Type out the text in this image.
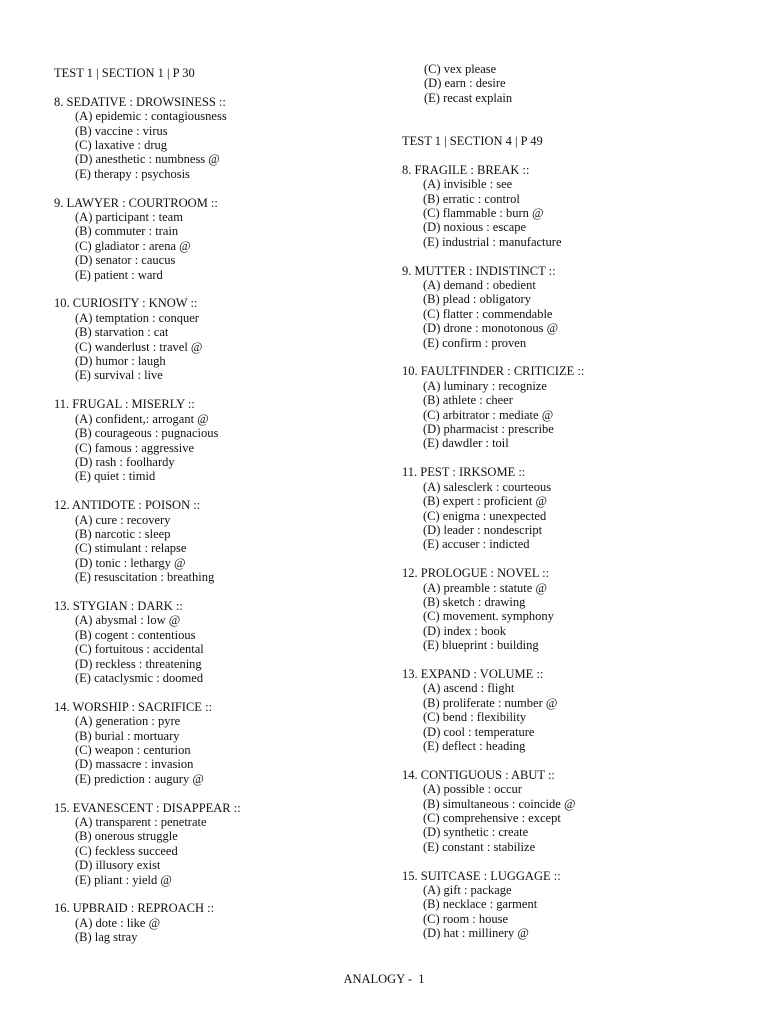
TEST 1 | SECTION 1 | P 30
8. SEDATIVE : DROWSINESS ::
(A) epidemic : contagiousness
(B) vaccine : virus
(C) laxative : drug
(D) anesthetic : numbness @
(E) therapy : psychosis
9. LAWYER : COURTROOM ::
(A) participant : team
(B) commuter : train
(C) gladiator : arena @
(D) senator : caucus
(E) patient : ward
10. CURIOSITY : KNOW ::
(A) temptation : conquer
(B) starvation : cat
(C) wanderlust : travel @
(D) humor : laugh
(E) survival : live
11. FRUGAL : MISERLY ::
(A) confident,: arrogant @
(B) courageous : pugnacious
(C) famous : aggressive
(D) rash : foolhardy
(E) quiet : timid
12. ANTIDOTE : POISON ::
(A) cure : recovery
(B) narcotic : sleep
(C) stimulant : relapse
(D) tonic : lethargy @
(E) resuscitation : breathing
13. STYGIAN : DARK ::
(A) abysmal : low @
(B) cogent : contentious
(C) fortuitous : accidental
(D) reckless : threatening
(E) cataclysmic : doomed
14. WORSHIP : SACRIFICE ::
(A) generation : pyre
(B) burial : mortuary
(C) weapon : centurion
(D) massacre : invasion
(E) prediction : augury @
15. EVANESCENT : DISAPPEAR ::
(A) transparent : penetrate
(B) onerous struggle
(C) feckless succeed
(D) illusory exist
(E) pliant : yield @
16. UPBRAID : REPROACH ::
(A) dote : like @
(B) lag stray
(C) vex please
(D) earn : desire
(E) recast explain
TEST 1 | SECTION 4 | P 49
8. FRAGILE : BREAK ::
(A) invisible : see
(B) erratic : control
(C) flammable : burn @
(D) noxious : escape
(E) industrial : manufacture
9. MUTTER : INDISTINCT ::
(A) demand : obedient
(B) plead : obligatory
(C) flatter : commendable
(D) drone : monotonous @
(E) confirm : proven
10. FAULTFINDER : CRITICIZE ::
(A) luminary : recognize
(B) athlete : cheer
(C) arbitrator : mediate @
(D) pharmacist : prescribe
(E) dawdler : toil
11. PEST : IRKSOME ::
(A) salesclerk : courteous
(B) expert : proficient @
(C) enigma : unexpected
(D) leader : nondescript
(E) accuser : indicted
12. PROLOGUE : NOVEL ::
(A) preamble : statute @
(B) sketch : drawing
(C) movement. symphony
(D) index : book
(E) blueprint : building
13. EXPAND : VOLUME ::
(A) ascend : flight
(B) proliferate : number @
(C) bend : flexibility
(D) cool : temperature
(E) deflect : heading
14. CONTIGUOUS : ABUT ::
(A) possible : occur
(B) simultaneous : coincide @
(C) comprehensive : except
(D) synthetic : create
(E) constant : stabilize
15. SUITCASE : LUGGAGE ::
(A) gift : package
(B) necklace : garment
(C) room : house
(D) hat : millinery @
ANALOGY -  1
